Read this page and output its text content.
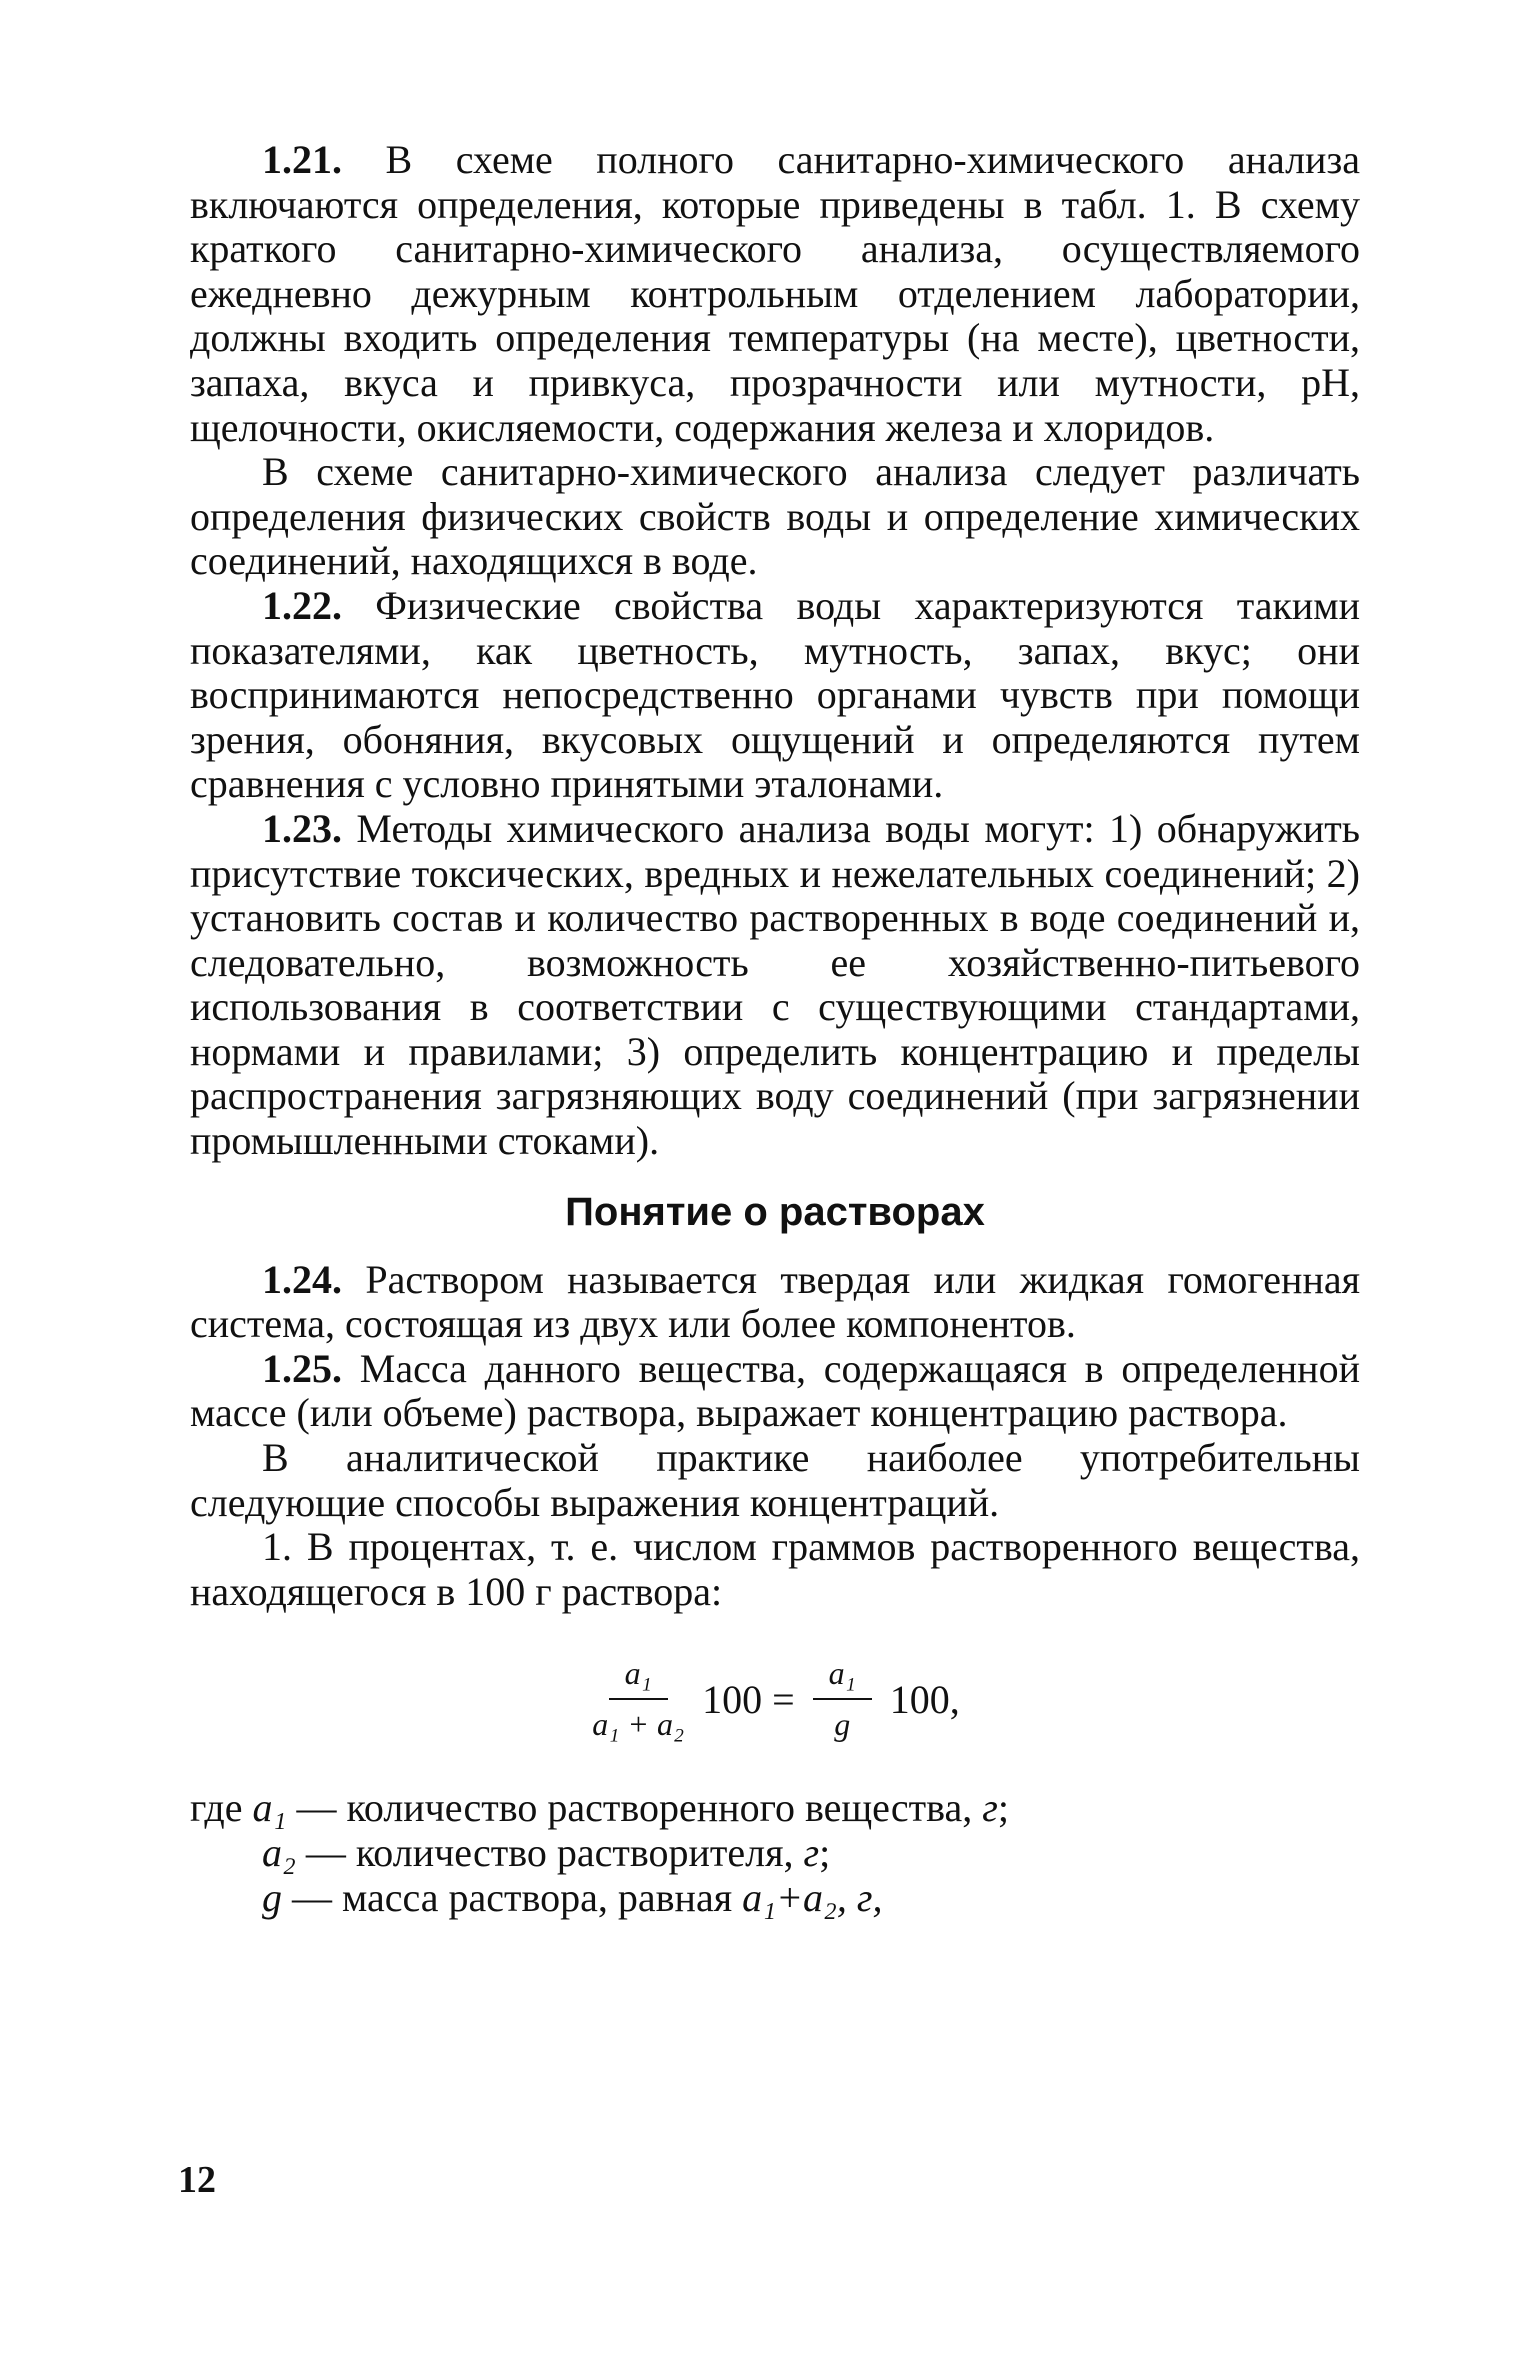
1.21. В схеме полного санитарно-химического анализа включаются определения, которые приведены в табл. 1. В схему краткого санитарно-химического анализа, осуществляемого ежедневно дежурным контрольным отделением лаборатории, должны входить определения температуры (на месте), цветности, запаха, вкуса и привкуса, прозрачности или мутности, pH, щелочности, окисляемости, содержания железа и хлоридов.

В схеме санитарно-химического анализа следует различать определения физических свойств воды и определение химических соединений, находящихся в воде.

1.22. Физические свойства воды характеризуются такими показателями, как цветность, мутность, запах, вкус; они воспринимаются непосредственно органами чувств при помощи зрения, обоняния, вкусовых ощущений и определяются путем сравнения с условно принятыми эталонами.

1.23. Методы химического анализа воды могут: 1) обнаружить присутствие токсических, вредных и нежелательных соединений; 2) установить состав и количество растворенных в воде соединений и, следовательно, возможность ее хозяйственно-питьевого использования в соответствии с существующими стандартами, нормами и правилами; 3) определить концентрацию и пределы распространения загрязняющих воду соединений (при загрязнении промышленными стоками).

Понятие о растворах

1.24. Раствором называется твердая или жидкая гомогенная система, состоящая из двух или более компонентов.

1.25. Масса данного вещества, содержащаяся в определенной массе (или объеме) раствора, выражает концентрацию раствора.

В аналитической практике наиболее употребительны следующие способы выражения концентраций.

1. В процентах, т. е. числом граммов растворенного вещества, находящегося в 100 г раствора:

$\frac{\text{a₁}}{\text{a₁ + a₂}} 100 = \frac{\text{a₁}}{g} 100$,

где a₁ — количество растворенного вещества, г;

a₂ — количество растворителя, г;

g — масса раствора, равная a₁+a₂, г,

12
